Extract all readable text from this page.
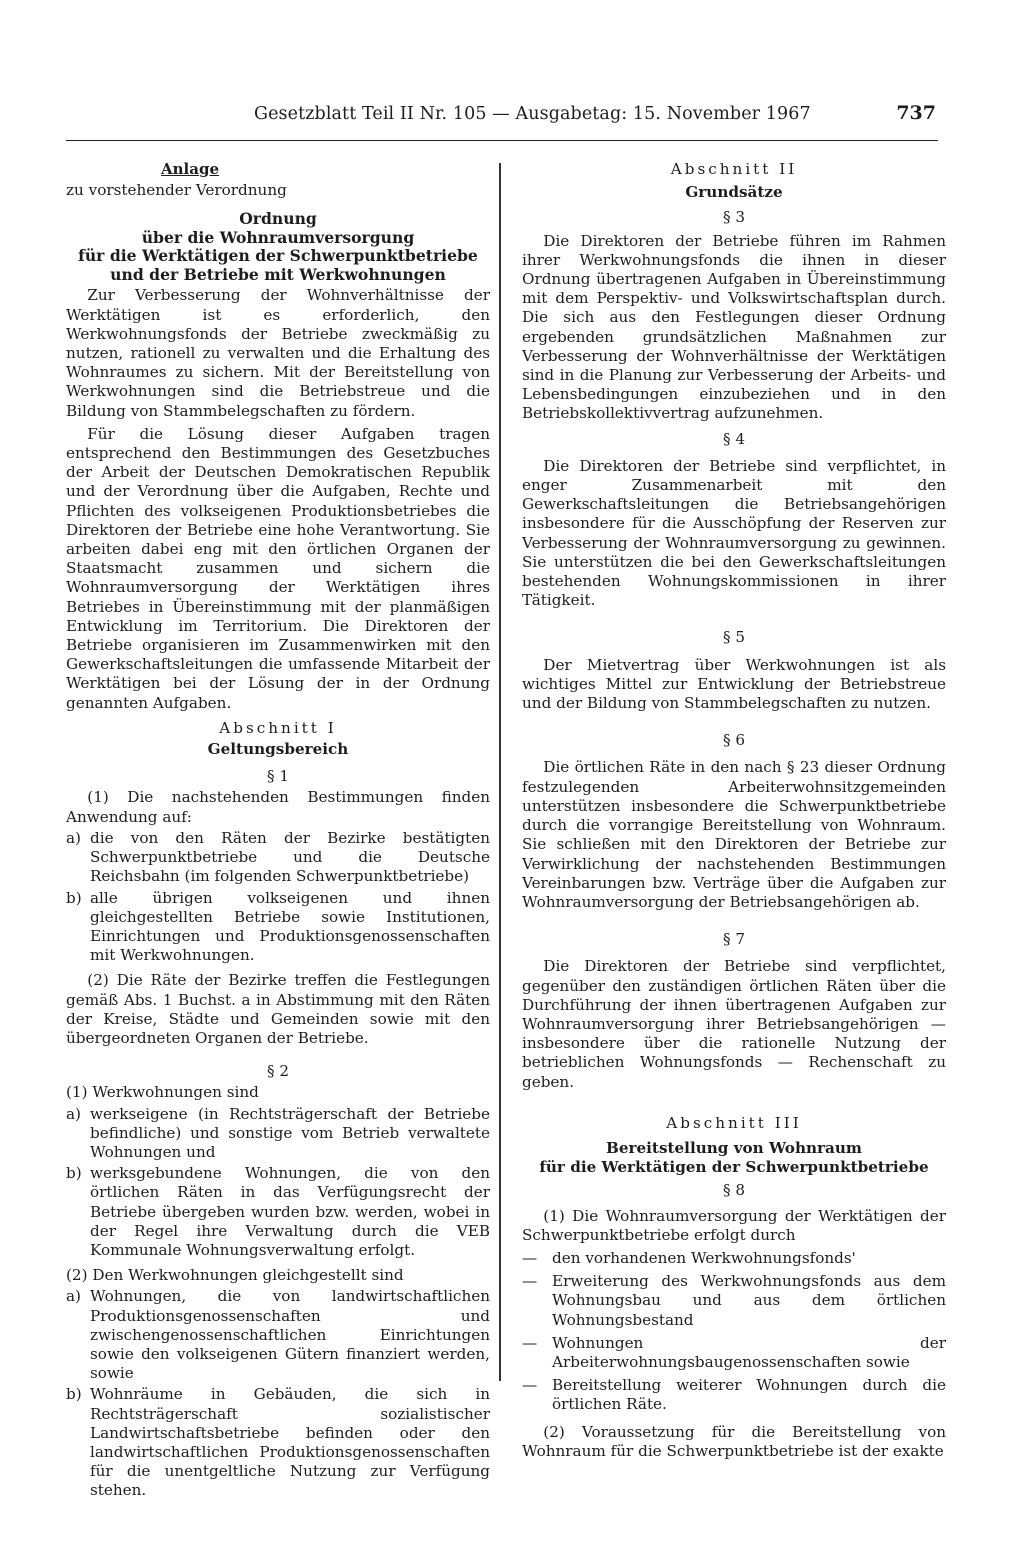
Gesetzblatt Teil II Nr. 105 — Ausgabetag: 15. November 1967	737

Anlage

zu vorstehender Verordnung

Ordnung

über die Wohnraumversorgung

für die Werktätigen der Schwerpunktbetriebe

und der Betriebe mit Werkwohnungen

Zur Verbesserung der Wohnverhältnisse der Werktätigen ist es erforderlich, den Werkwohnungsfonds der Betriebe zweckmäßig zu nutzen, rationell zu verwalten und die Erhaltung des Wohnraumes zu sichern. Mit der Bereitstellung von Werkwohnungen sind die Betriebstreue und die Bildung von Stammbelegschaften zu fördern.

Für die Lösung dieser Aufgaben tragen entsprechend den Bestimmungen des Gesetzbuches der Arbeit der Deutschen Demokratischen Republik und der Verordnung über die Aufgaben, Rechte und Pflichten des volkseigenen Produktionsbetriebes die Direktoren der Betriebe eine hohe Verantwortung. Sie arbeiten dabei eng mit den örtlichen Organen der Staatsmacht zusammen und sichern die Wohnraumversorgung der Werktätigen ihres Betriebes in Übereinstimmung mit der planmäßigen Entwicklung im Territorium. Die Direktoren der Betriebe organisieren im Zusammenwirken mit den Gewerkschaftsleitungen die umfassende Mitarbeit der Werktätigen bei der Lösung der in der Ordnung genannten Aufgaben.

Abschnitt I

Geltungsbereich

§ 1

(1) Die nachstehenden Bestimmungen finden Anwendung auf:

a) die von den Räten der Bezirke bestätigten Schwerpunktbetriebe und die Deutsche Reichsbahn (im folgenden Schwerpunktbetriebe)
b) alle übrigen volkseigenen und ihnen gleichgestellten Betriebe sowie Institutionen, Einrichtungen und Produktionsgenossenschaften mit Werkwohnungen.

(2) Die Räte der Bezirke treffen die Festlegungen gemäß Abs. 1 Buchst. a in Abstimmung mit den Räten der Kreise, Städte und Gemeinden sowie mit den übergeordneten Organen der Betriebe.

§ 2

(1) Werkwohnungen sind

a) werkseigene (in Rechtsträgerschaft der Betriebe befindliche) und sonstige vom Betrieb verwaltete Wohnungen und
b) werksgebundene Wohnungen, die von den örtlichen Räten in das Verfügungsrecht der Betriebe übergeben wurden bzw. werden, wobei in der Regel ihre Verwaltung durch die VEB Kommunale Wohnungsverwaltung erfolgt.

(2) Den Werkwohnungen gleichgestellt sind

a) Wohnungen, die von landwirtschaftlichen Produktionsgenossenschaften und zwischengenossenschaftlichen Einrichtungen sowie den volkseigenen Gütern finanziert werden, sowie
b) Wohnräume in Gebäuden, die sich in Rechtsträgerschaft sozialistischer Landwirtschaftsbetriebe befinden oder den landwirtschaftlichen Produktionsgenossenschaften für die unentgeltliche Nutzung zur Verfügung stehen.

Abschnitt II

Grundsätze

§ 3

Die Direktoren der Betriebe führen im Rahmen ihrer Werkwohnungsfonds die ihnen in dieser Ordnung übertragenen Aufgaben in Übereinstimmung mit dem Perspektiv- und Volkswirtschaftsplan durch. Die sich aus den Festlegungen dieser Ordnung ergebenden grundsätzlichen Maßnahmen zur Verbesserung der Wohnverhältnisse der Werktätigen sind in die Planung zur Verbesserung der Arbeits- und Lebensbedingungen einzubeziehen und in den Betriebskollektivvertrag aufzunehmen.

§ 4

Die Direktoren der Betriebe sind verpflichtet, in enger Zusammenarbeit mit den Gewerkschaftsleitungen die Betriebsangehörigen insbesondere für die Ausschöpfung der Reserven zur Verbesserung der Wohnraumversorgung zu gewinnen. Sie unterstützen die bei den Gewerkschaftsleitungen bestehenden Wohnungskommissionen in ihrer Tätigkeit.

§ 5

Der Mietvertrag über Werkwohnungen ist als wichtiges Mittel zur Entwicklung der Betriebstreue und der Bildung von Stammbelegschaften zu nutzen.

§ 6

Die örtlichen Räte in den nach § 23 dieser Ordnung festzulegenden Arbeiterwohnsitzgemeinden unterstützen insbesondere die Schwerpunktbetriebe durch die vorrangige Bereitstellung von Wohnraum. Sie schließen mit den Direktoren der Betriebe zur Verwirklichung der nachstehenden Bestimmungen Vereinbarungen bzw. Verträge über die Aufgaben zur Wohnraumversorgung der Betriebsangehörigen ab.

§ 7

Die Direktoren der Betriebe sind verpflichtet, gegenüber den zuständigen örtlichen Räten über die Durchführung der ihnen übertragenen Aufgaben zur Wohnraumversorgung ihrer Betriebsangehörigen — insbesondere über die rationelle Nutzung der betrieblichen Wohnungsfonds — Rechenschaft zu geben.

Abschnitt III

Bereitstellung von Wohnraum

für die Werktätigen der Schwerpunktbetriebe

§ 8

(1) Die Wohnraumversorgung der Werktätigen der Schwerpunktbetriebe erfolgt durch

— den vorhandenen Werkwohnungsfonds'
— Erweiterung des Werkwohnungsfonds aus dem Wohnungsbau und aus dem örtlichen Wohnungsbestand
— Wohnungen der Arbeiterwohnungsbaugenossenschaften sowie
— Bereitstellung weiterer Wohnungen durch die örtlichen Räte.

(2) Voraussetzung für die Bereitstellung von Wohnraum für die Schwerpunktbetriebe ist der exakte
